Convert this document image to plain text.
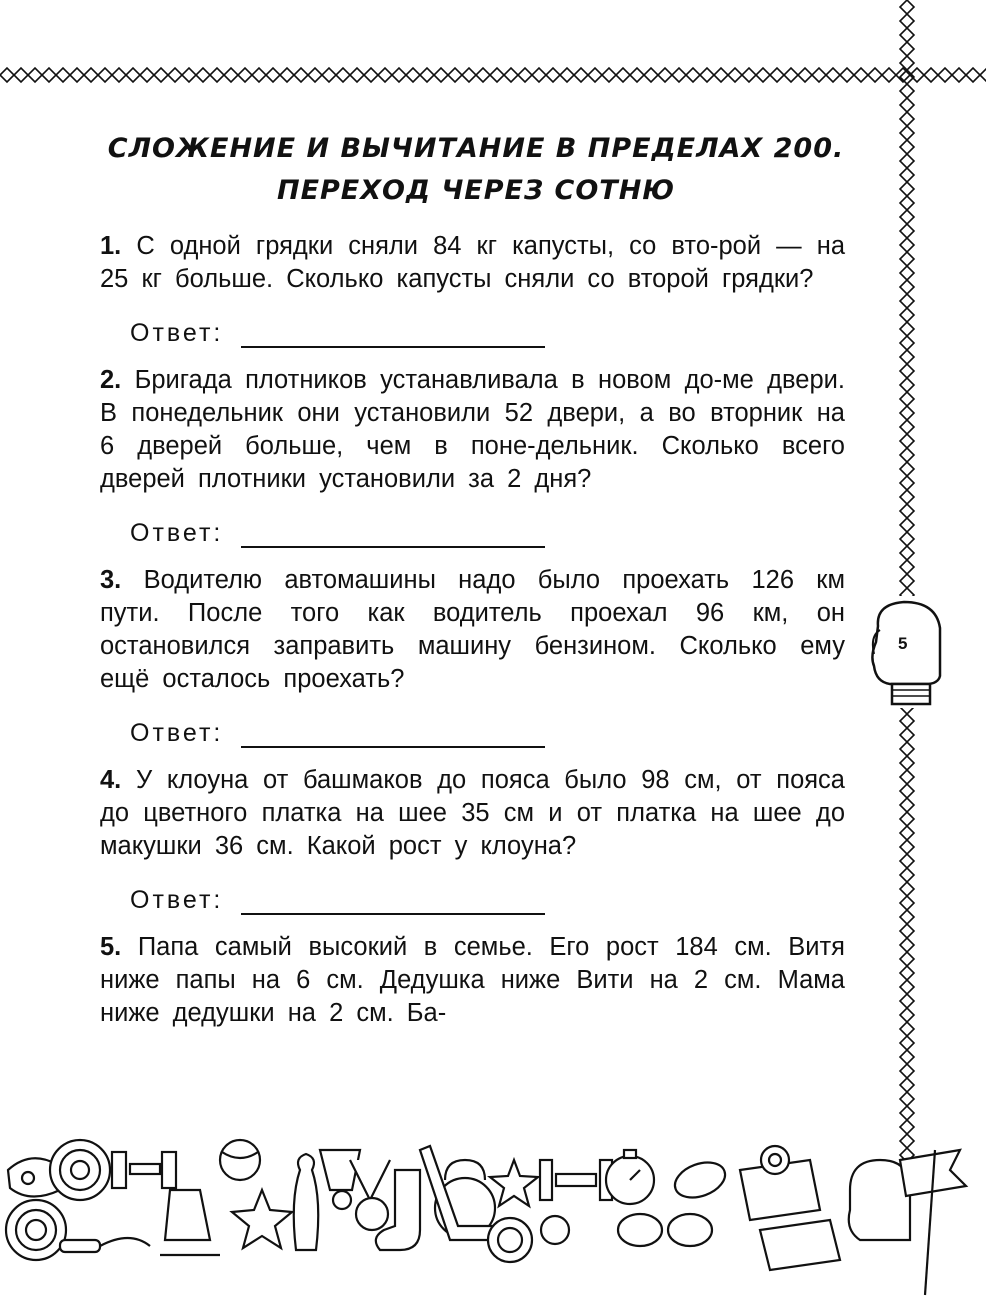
5
СЛОЖЕНИЕ И ВЫЧИТАНИЕ В ПРЕДЕЛАХ 200.
ПЕРЕХОД ЧЕРЕЗ СОТНЮ

1. С одной грядки сняли 84 кг капусты, со вто-рой — на 25 кг больше. Сколько капусты сняли со второй грядки?

Ответ:

2. Бригада плотников устанавливала в новом до-ме двери. В понедельник они установили 52 двери, а во вторник на 6 дверей больше, чем в поне-дельник. Сколько всего дверей плотники установили за 2 дня?

Ответ:

3. Водителю автомашины надо было проехать 126 км пути. После того как водитель проехал 96 км, он остановился заправить машину бензином. Сколько ему ещё осталось проехать?

Ответ:

4. У клоуна от башмаков до пояса было 98 см, от пояса до цветного платка на шее 35 см и от платка на шее до макушки 36 см. Какой рост у клоуна?

Ответ:

5. Папа самый высокий в семье. Его рост 184 см. Витя ниже папы на 6 см. Дедушка ниже Вити на 2 см. Мама ниже дедушки на 2 см. Ба-
